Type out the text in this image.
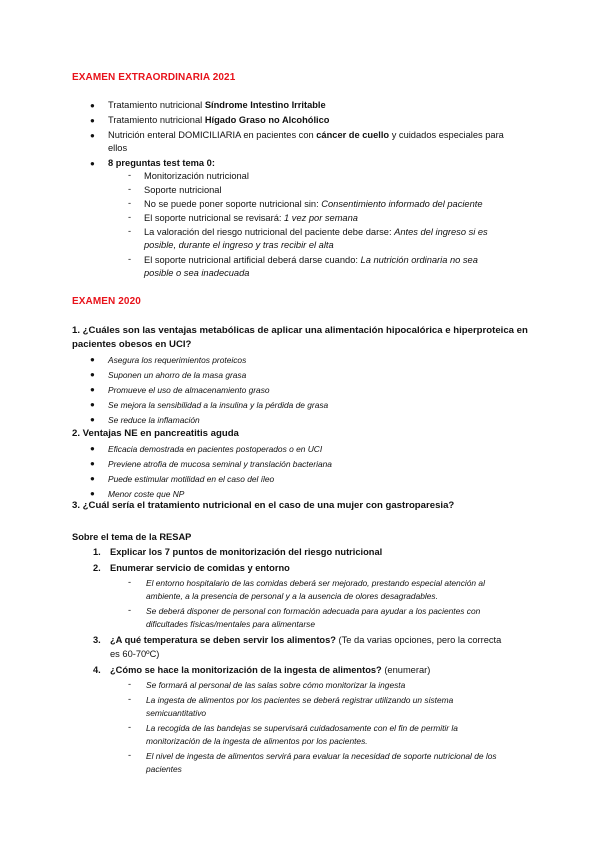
EXAMEN EXTRAORDINARIA 2021
● Tratamiento nutricional Síndrome Intestino Irritable
● Tratamiento nutricional Hígado Graso no Alcohólico
● Nutrición enteral DOMICILIARIA en pacientes con cáncer de cuello y cuidados especiales para
ellos
● 8 preguntas test tema 0:
- Monitorización nutricional
- Soporte nutricional
- No se puede poner soporte nutricional sin: Consentimiento informado del paciente
- El soporte nutricional se revisará: 1 vez por semana
- La valoración del riesgo nutricional del paciente debe darse: Antes del ingreso si es
posible, durante el ingreso y tras recibir el alta
- El soporte nutricional artificial deberá darse cuando: La nutrición ordinaria no sea
posible o sea inadecuada
EXAMEN 2020
1. ¿Cuáles son las ventajas metabólicas de aplicar una alimentación hipocalórica e hiperproteica en
pacientes obesos en UCI?
● Asegura los requerimientos proteicos
● Suponen un ahorro de la masa grasa
● Promueve el uso de almacenamiento graso
● Se mejora la sensibilidad a la insulina y la pérdida de grasa
● Se reduce la inflamación
2. Ventajas NE en pancreatitis aguda
● Eficacia demostrada en pacientes postoperados o en UCI
● Previene atrofia de mucosa seminal y translación bacteriana
● Puede estimular motilidad en el caso del íleo
● Menor coste que NP
3. ¿Cuál sería el tratamiento nutricional en el caso de una mujer con gastroparesia?
Sobre el tema de la RESAP
1. Explicar los 7 puntos de monitorización del riesgo nutricional
2. Enumerar servicio de comidas y entorno
- El entorno hospitalario de las comidas deberá ser mejorado, prestando especial atención al
ambiente, a la presencia de personal y a la ausencia de olores desagradables.
- Se deberá disponer de personal con formación adecuada para ayudar a los pacientes con
dificultades físicas/mentales para alimentarse
3. ¿A qué temperatura se deben servir los alimentos? (Te da varias opciones, pero la correcta
es 60-70ºC)
4. ¿Cómo se hace la monitorización de la ingesta de alimentos? (enumerar)
- Se formará al personal de las salas sobre cómo monitorizar la ingesta
- La ingesta de alimentos por los pacientes se deberá registrar utilizando un sistema
semicuantitativo
- La recogida de las bandejas se supervisará cuidadosamente con el fin de permitir la
monitorización de la ingesta de alimentos por los pacientes.
- El nivel de ingesta de alimentos servirá para evaluar la necesidad de soporte nutricional de los
pacientes
